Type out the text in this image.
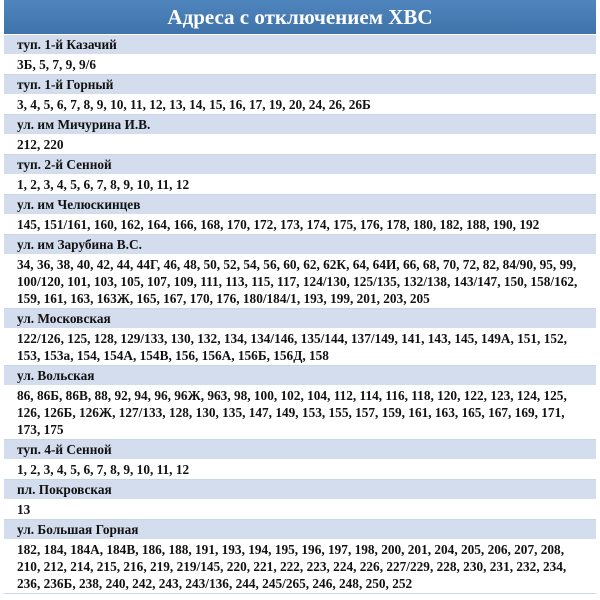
Адреса с отключением ХВС
туп. 1-й Казачий
3Б, 5, 7, 9, 9/6
туп. 1-й Горный
3, 4, 5, 6, 7, 8, 9, 10, 11, 12, 13, 14, 15, 16, 17, 19, 20, 24, 26, 26Б
ул. им Мичурина И.В.
212, 220
туп. 2-й Сенной
1, 2, 3, 4, 5, 6, 7, 8, 9, 10, 11, 12
ул. им Челюскинцев
145, 151/161, 160, 162, 164, 166, 168, 170, 172, 173, 174, 175, 176, 178, 180, 182, 188, 190, 192
ул. им Зарубина В.С.
34, 36, 38, 40, 42, 44, 44Г, 46, 48, 50, 52, 54, 56, 60, 62, 62К, 64, 64И, 66, 68, 70, 72, 82, 84/90, 95, 99, 100/120, 101, 103, 105, 107, 109, 111, 113, 115, 117, 124/130, 125/135, 132/138, 143/147, 150, 158/162, 159, 161, 163, 163Ж, 165, 167, 170, 176, 180/184/1, 193, 199, 201, 203, 205
ул. Московская
122/126, 125, 128, 129/133, 130, 132, 134, 134/146, 135/144, 137/149, 141, 143, 145, 149А, 151, 152, 153, 153а, 154, 154А, 154В, 156, 156А, 156Б, 156Д, 158
ул. Вольская
86, 86Б, 86В, 88, 92, 94, 96, 96Ж, 963, 98, 100, 102, 104, 112, 114, 116, 118, 120, 122, 123, 124, 125, 126, 126Б, 126Ж, 127/133, 128, 130, 135, 147, 149, 153, 155, 157, 159, 161, 163, 165, 167, 169, 171, 173, 175
туп. 4-й Сенной
1, 2, 3, 4, 5, 6, 7, 8, 9, 10, 11, 12
пл. Покровская
13
ул. Большая Горная
182, 184, 184А, 184В, 186, 188, 191, 193, 194, 195, 196, 197, 198, 200, 201, 204, 205, 206, 207, 208, 210, 212, 214, 215, 216, 219, 219/145, 220, 221, 222, 223, 224, 226, 227/229, 228, 230, 231, 232, 234, 236, 236Б, 238, 240, 242, 243, 243/136, 244, 245/265, 246, 248, 250, 252
